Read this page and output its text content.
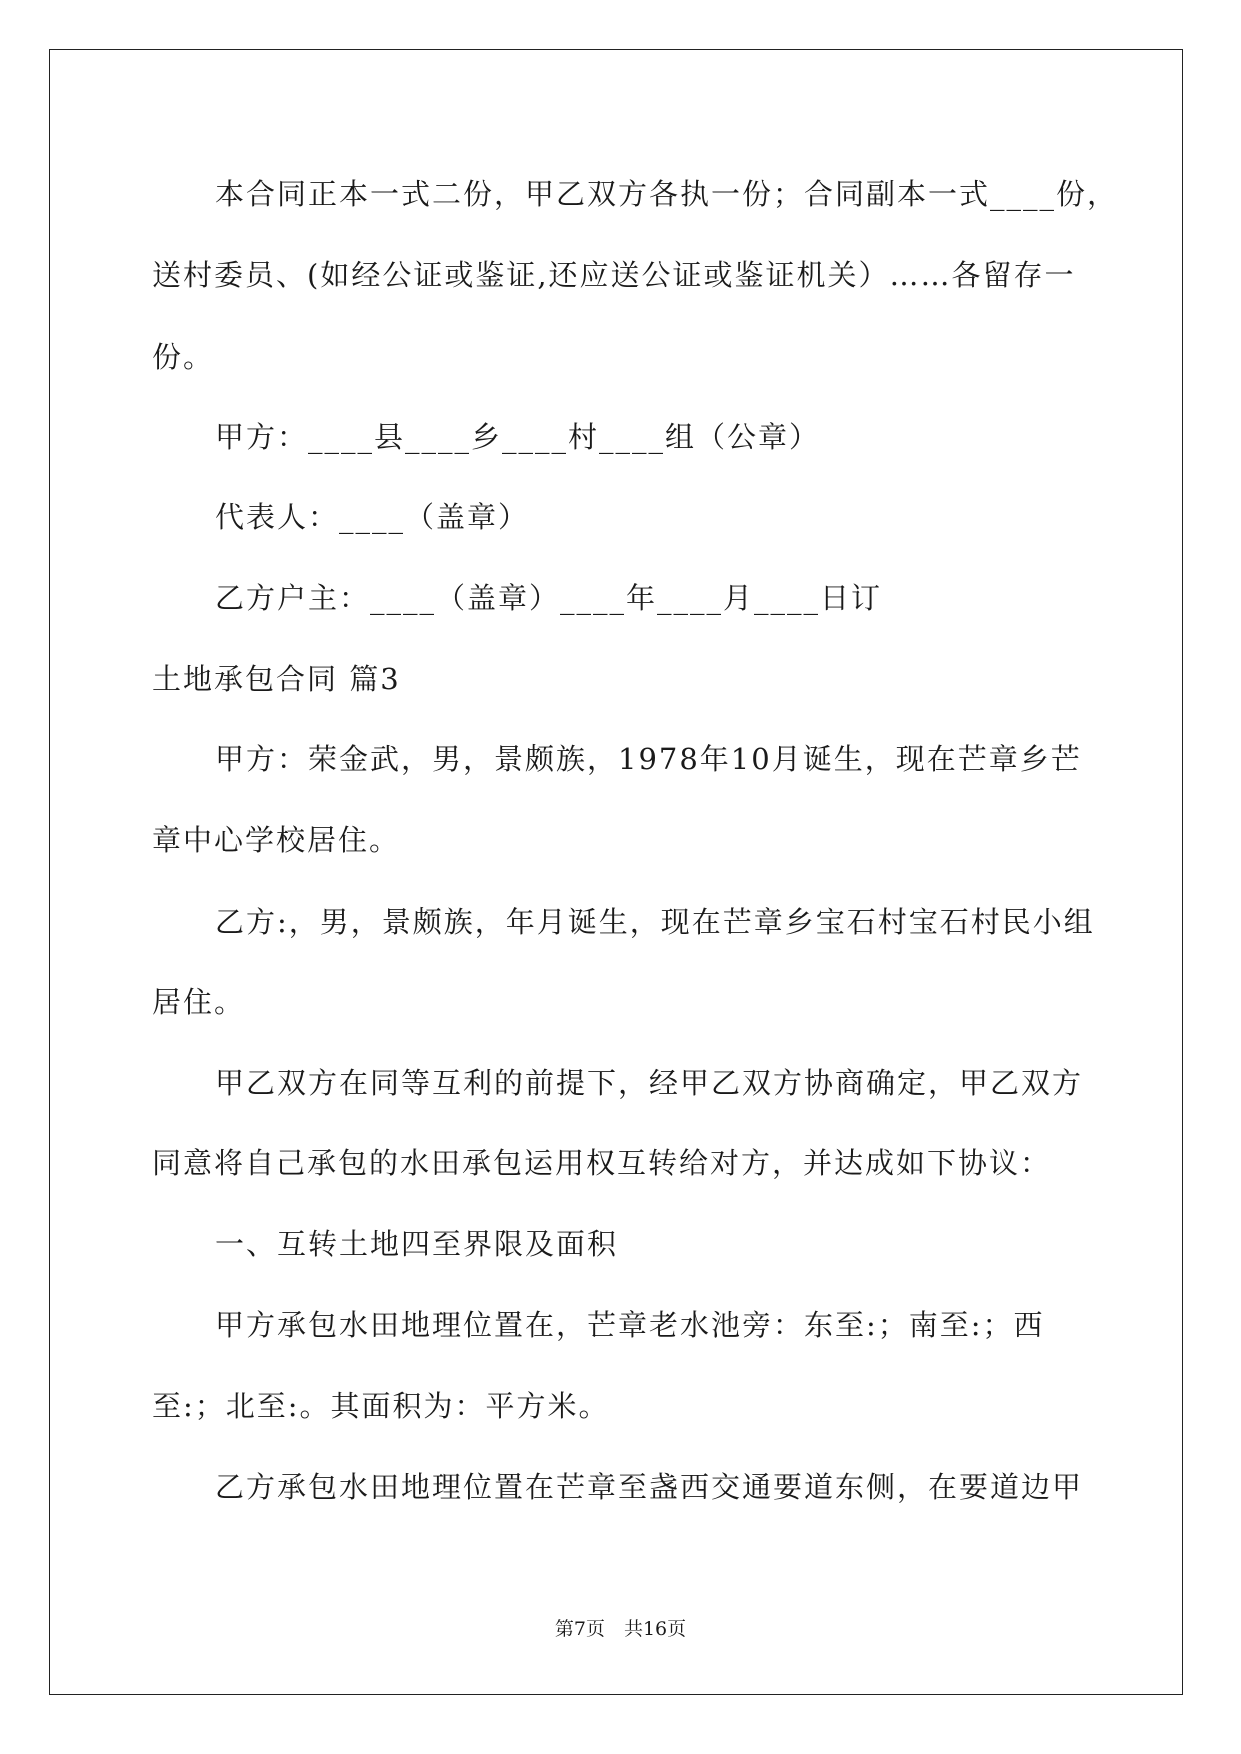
本合同正本一式二份，甲乙双方各执一份；合同副本一式____份，
送村委员、(如经公证或鉴证,还应送公证或鉴证机关）……各留存一
份。
甲方：____县____乡____村____组（公章）
代表人：____（盖章）
乙方户主：____（盖章）____年____月____日订
土地承包合同 篇3
甲方：荣金武，男，景颇族，1978年10月诞生，现在芒章乡芒
章中心学校居住。
乙方:，男，景颇族，年月诞生，现在芒章乡宝石村宝石村民小组
居住。
甲乙双方在同等互利的前提下，经甲乙双方协商确定，甲乙双方
同意将自己承包的水田承包运用权互转给对方，并达成如下协议：
一、互转土地四至界限及面积
甲方承包水田地理位置在，芒章老水池旁：东至:；南至:；西
至:；北至:。其面积为：平方米。
乙方承包水田地理位置在芒章至盏西交通要道东侧，在要道边甲
第7页　共16页
